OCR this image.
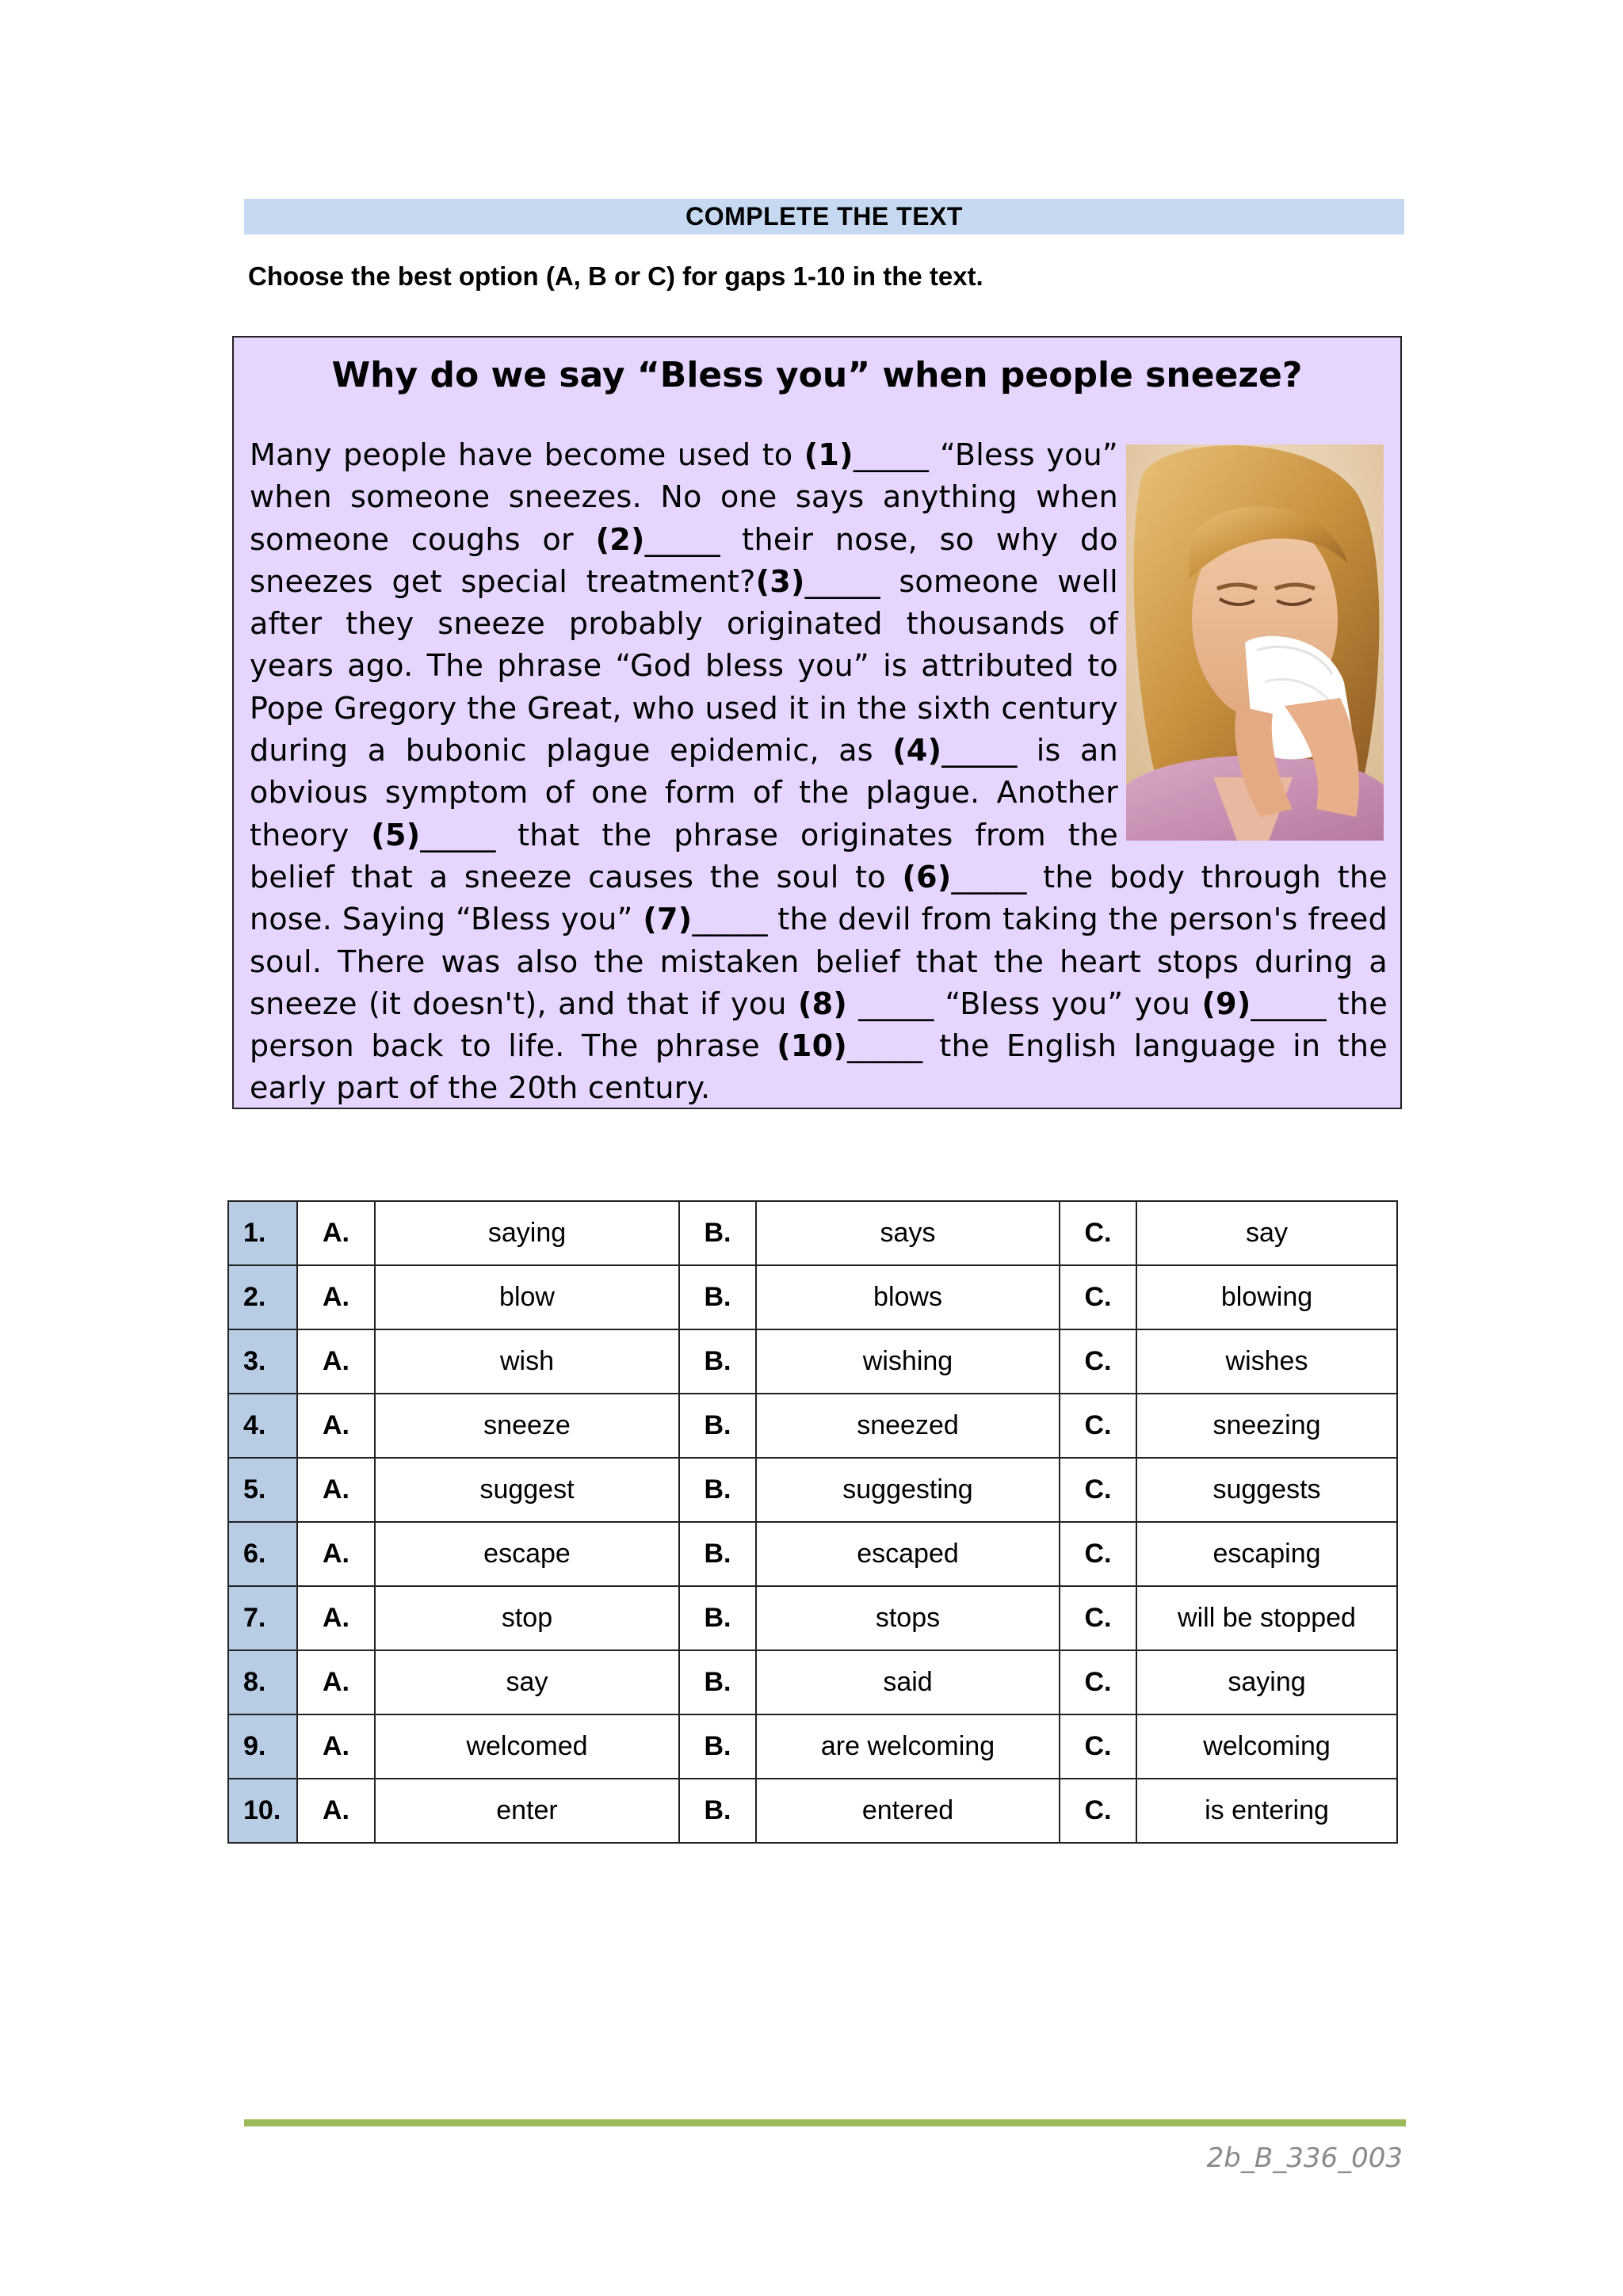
COMPLETE THE TEXT
Choose the best option (A, B or C) for gaps 1-10 in the text.
Why do we say “Bless you” when people sneeze?

Many people have become used to (1)_____ “Bless you” when someone sneezes. No one says anything when someone coughs or (2)_____ their nose, so why do sneezes get special treatment?(3)_____ someone well after they sneeze probably originated thousands of years ago. The phrase “God bless you” is attributed to Pope Gregory the Great, who used it in the sixth century during a bubonic plague epidemic, as (4)_____ is an obvious symptom of one form of the plague. Another theory (5)_____ that the phrase originates from the belief that a sneeze causes the soul to (6)_____ the body through the nose. Saying “Bless you” (7)_____ the devil from taking the person's freed soul. There was also the mistaken belief that the heart stops during a sneeze (it doesn't), and that if you (8) _____ “Bless you” you (9)_____ the person back to life. The phrase (10)_____ the English language in the early part of the 20th century.

1.	A.	saying	B.	says	C.	say
2.	A.	blow	B.	blows	C.	blowing
3.	A.	wish	B.	wishing	C.	wishes
4.	A.	sneeze	B.	sneezed	C.	sneezing
5.	A.	suggest	B.	suggesting	C.	suggests
6.	A.	escape	B.	escaped	C.	escaping
7.	A.	stop	B.	stops	C.	will be stopped
8.	A.	say	B.	said	C.	saying
9.	A.	welcomed	B.	are welcoming	C.	welcoming
10.	A.	enter	B.	entered	C.	is entering
2b_B_336_003
